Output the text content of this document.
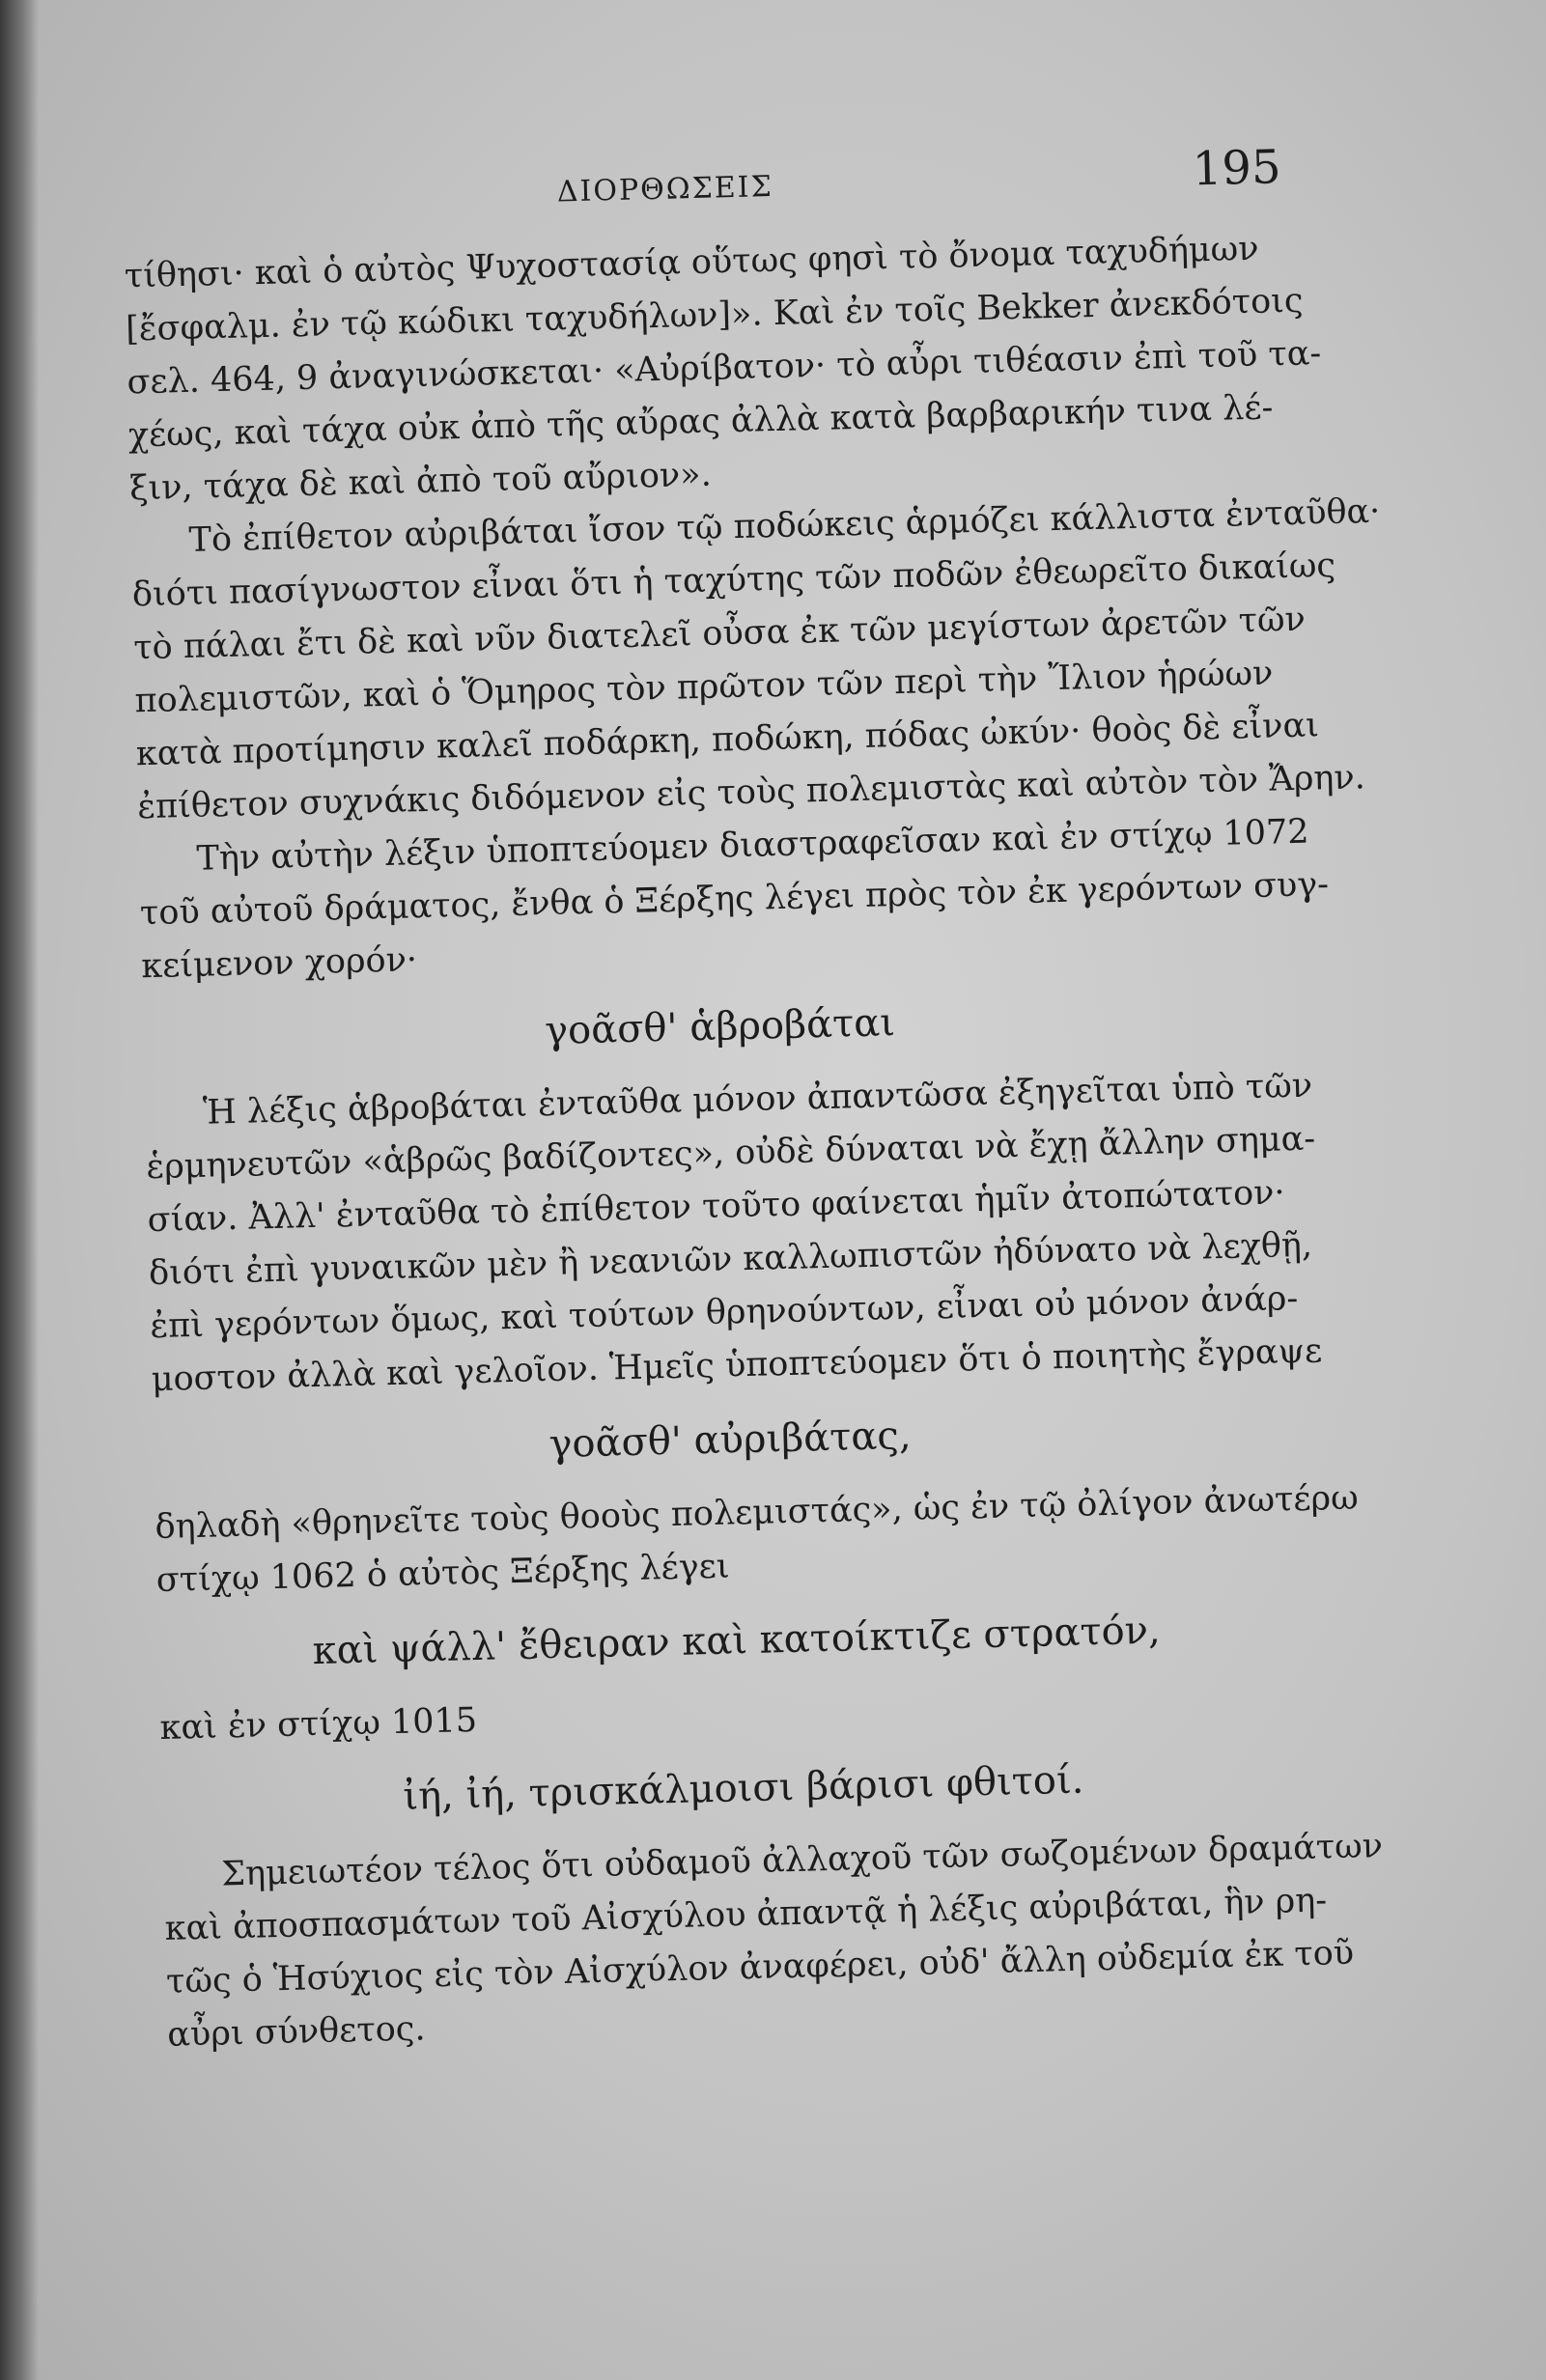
ΔΙΟΡΘΩΣΕΙΣ	195

τίθησι· καὶ ὁ αὐτὸς Ψυχοστασίᾳ οὕτως φησὶ τὸ ὄνομα ταχυδήμων
[ἔσφαλμ. ἐν τῷ κώδικι ταχυδήλων]». Καὶ ἐν τοῖς Bekker ἀνεκδότοις
σελ. 464, 9 ἀναγινώσκεται· «Αὐρίβατον· τὸ αὖρι τιθέασιν ἐπὶ τοῦ τα-
χέως, καὶ τάχα οὐκ ἀπὸ τῆς αὔρας ἀλλὰ κατὰ βαρβαρικήν τινα λέ-
ξιν, τάχα δὲ καὶ ἀπὸ τοῦ αὔριον».

Τὸ ἐπίθετον αὐριβάται ἴσον τῷ ποδώκεις ἁρμόζει κάλλιστα ἐνταῦθα·
διότι πασίγνωστον εἶναι ὅτι ἡ ταχύτης τῶν ποδῶν ἐθεωρεῖτο δικαίως
τὸ πάλαι ἔτι δὲ καὶ νῦν διατελεῖ οὖσα ἐκ τῶν μεγίστων ἀρετῶν τῶν
πολεμιστῶν, καὶ ὁ Ὅμηρος τὸν πρῶτον τῶν περὶ τὴν Ἴλιον ἡρώων
κατὰ προτίμησιν καλεῖ ποδάρκη, ποδώκη, πόδας ὠκύν· θοὸς δὲ εἶναι
ἐπίθετον συχνάκις διδόμενον εἰς τοὺς πολεμιστὰς καὶ αὐτὸν τὸν Ἄρην.

Τὴν αὐτὴν λέξιν ὑποπτεύομεν διαστραφεῖσαν καὶ ἐν στίχῳ 1072
τοῦ αὐτοῦ δράματος, ἔνθα ὁ Ξέρξης λέγει πρὸς τὸν ἐκ γερόντων συγ-
κείμενον χορόν·

γοᾶσθ' ἁβροβάται

Ἡ λέξις ἁβροβάται ἐνταῦθα μόνον ἀπαντῶσα ἐξηγεῖται ὑπὸ τῶν
ἑρμηνευτῶν «ἁβρῶς βαδίζοντες», οὐδὲ δύναται νὰ ἔχῃ ἄλλην σημα-
σίαν. Ἀλλ' ἐνταῦθα τὸ ἐπίθετον τοῦτο φαίνεται ἡμῖν ἀτοπώτατον·
διότι ἐπὶ γυναικῶν μὲν ἢ νεανιῶν καλλωπιστῶν ἠδύνατο νὰ λεχθῇ,
ἐπὶ γερόντων ὅμως, καὶ τούτων θρηνούντων, εἶναι οὐ μόνον ἀνάρ-
μοστον ἀλλὰ καὶ γελοῖον. Ἡμεῖς ὑποπτεύομεν ὅτι ὁ ποιητὴς ἔγραψε

γοᾶσθ' αὐριβάτας,

δηλαδὴ «θρηνεῖτε τοὺς θοοὺς πολεμιστάς», ὡς ἐν τῷ ὀλίγον ἀνωτέρω
στίχῳ 1062 ὁ αὐτὸς Ξέρξης λέγει

καὶ ψάλλ' ἔθειραν καὶ κατοίκτιζε στρατόν,

καὶ ἐν στίχῳ 1015

ἰή, ἰή, τρισκάλμοισι βάρισι φθιτοί.

Σημειωτέον τέλος ὅτι οὐδαμοῦ ἀλλαχοῦ τῶν σωζομένων δραμάτων
καὶ ἀποσπασμάτων τοῦ Αἰσχύλου ἀπαντᾷ ἡ λέξις αὐριβάται, ἣν ρη-
τῶς ὁ Ἡσύχιος εἰς τὸν Αἰσχύλον ἀναφέρει, οὐδ' ἄλλη οὐδεμία ἐκ τοῦ
αὖρι σύνθετος.
